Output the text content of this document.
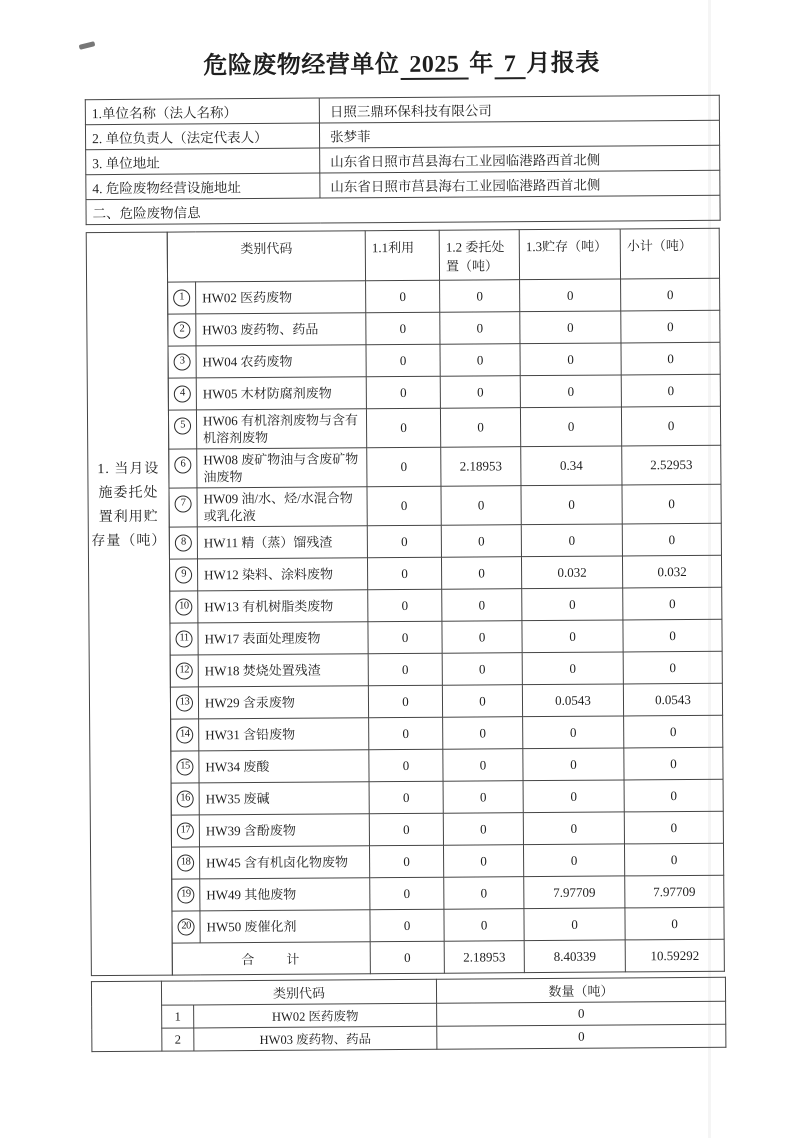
危险废物经营单位 2025 年 7 月报表
1.单位名称（法人名称）	日照三鼎环保科技有限公司
2. 单位负责人（法定代表人）	张梦菲
3. 单位地址	山东省日照市莒县海右工业园临港路西首北侧
4. 危险废物经营设施地址	山东省日照市莒县海右工业园临港路西首北侧
二、危险废物信息	
1. 当月设
施委托处
置利用贮
存量（吨）
类别代码		1.1利用	1.2 委托处置（吨）	1.3贮存（吨）	小计（吨）
1	HW02 医药废物	0	0	0	0
2	HW03 废药物、药品	0	0	0	0
3	HW04 农药废物	0	0	0	0
4	HW05 木材防腐剂废物	0	0	0	0
5	HW06 有机溶剂废物与含有机溶剂废物	0	0	0	0
6	HW08 废矿物油与含废矿物油废物	0	2.18953	0.34	2.52953
7	HW09 油/水、烃/水混合物或乳化液	0	0	0	0
8	HW11 精（蒸）馏残渣	0	0	0	0
9	HW12 染料、涂料废物	0	0	0.032	0.032
10	HW13 有机树脂类废物	0	0	0	0
11	HW17 表面处理废物	0	0	0	0
12	HW18 焚烧处置残渣	0	0	0	0
13	HW29 含汞废物	0	0	0.0543	0.0543
14	HW31 含铅废物	0	0	0	0
15	HW34 废酸	0	0	0	0
16	HW35 废碱	0	0	0	0
17	HW39 含酚废物	0	0	0	0
18	HW45 含有机卤化物废物	0	0	0	0
19	HW49 其他废物	0	0	7.97709	7.97709
20	HW50 废催化剂	0	0	0	0
合　　计		0	2.18953	8.40339	10.59292
	类别代码		数量（吨）
	1	HW02 医药废物	0
	2	HW03 废药物、药品	0
